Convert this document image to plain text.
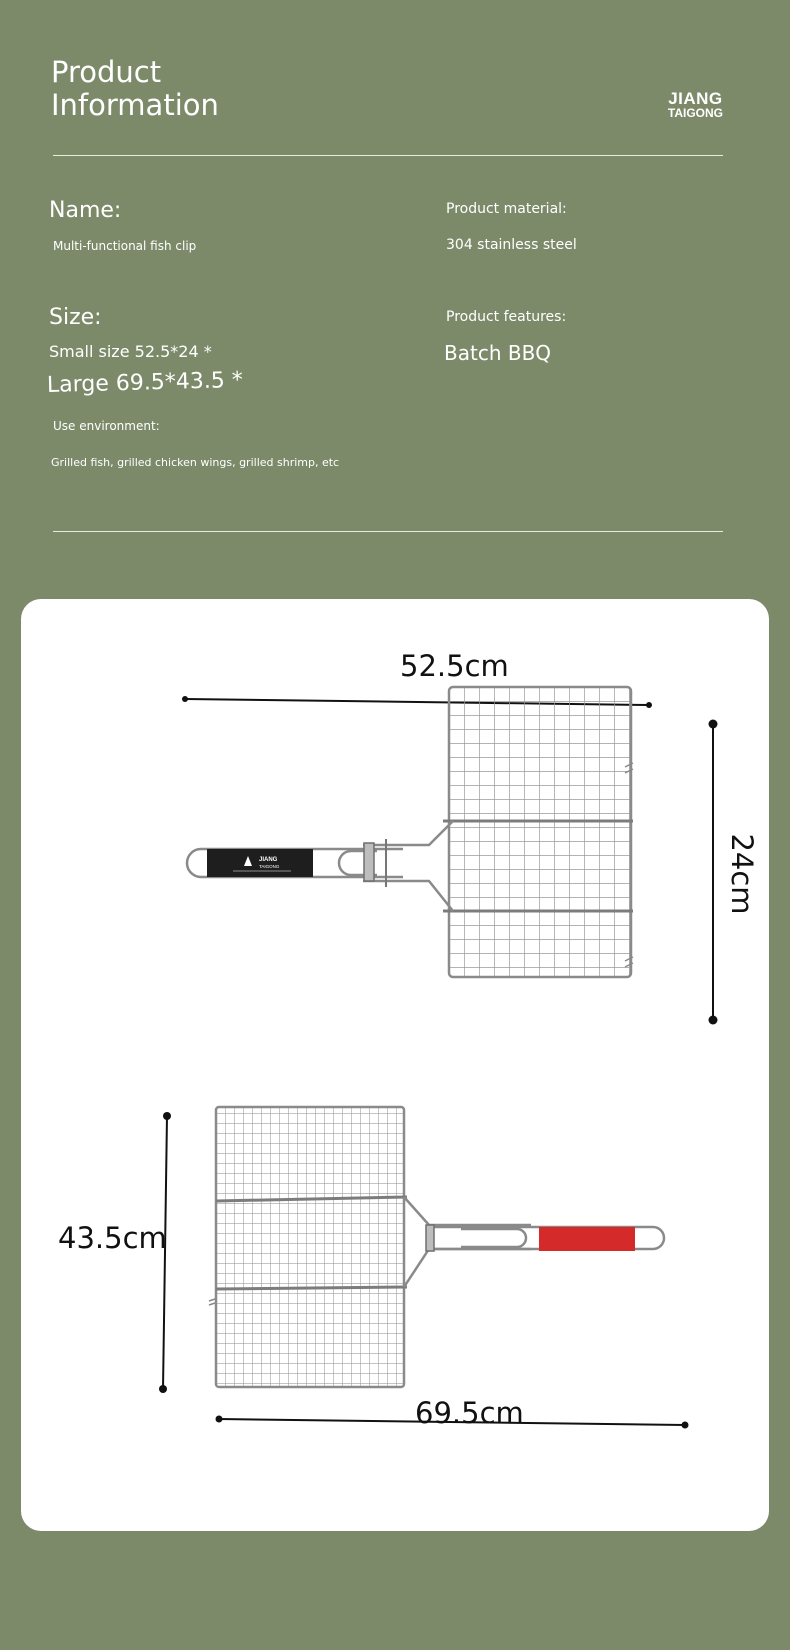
Product
Information	JIANG
TAIGONG
Name:
Multi-functional fish clip
Product material:
304 stainless steel
Size:
Small size 52.5*24 *
Large 69.5*43.5 *
Product features:
Batch BBQ
Use environment:
Grilled fish, grilled chicken wings, grilled shrimp, etc
JIANG
TAIGONG
52.5cm
24cm
43.5cm
69.5cm
